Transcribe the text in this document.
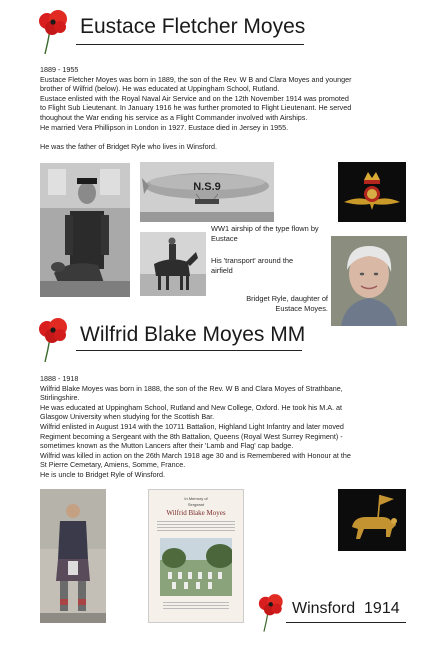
Eustace Fletcher Moyes

1889 - 1955

Eustace Fletcher Moyes was born in 1889, the son of the Rev. W B and Clara Moyes and younger

brother of Wilfrid (below). He was educated at Uppingham School, Rutland.

Eustace enlisted with the Royal Naval Air Service and on the 12th November 1914 was promoted

to Flight Sub Lieutenant. In January 1916 he was further promoted to Flight Lieutenant. He served

thoughout the War ending his service as a Flight Commander involved with Airships.

He married Vera Phillipson in London in 1927. Eustace died in Jersey in 1955.

He was the father of Bridget Ryle who lives in Winsford.

N.S.9
WW1 airship of the type flown by Eustace
His 'transport' around the airfield
Bridget Ryle, daughter of Eustace Moyes.
Wilfrid Blake Moyes MM

1888 - 1918

Wilfrid Blake Moyes was born in 1888, the son of the Rev. W B and Clara Moyes of Strathbane,

Stirlingshire.

He was educated at Uppingham School, Rutland and New College, Oxford. He took his M.A. at

Glasgow University when studying for the Scottish Bar.

Wilfrid enlisted in August 1914 with the 10711 Battalion, Highland Light Infantry and later moved

Regiment becoming a Sergeant with the 8th Battalion, Queens (Royal West Surrey Regiment) -

sometimes known as the Mutton Lancers after their 'Lamb and Flag' cap badge.

Wilfrid was killed in action on the 26th March 1918 age 30 and is Remembered with Honour at the

St Pierre Cemetary, Amiens, Somme, France.

He is uncle to Bridget Ryle of Winsford.

In Memory of
Sergeant
Wilfrid Blake Moyes
Winsford  1914
